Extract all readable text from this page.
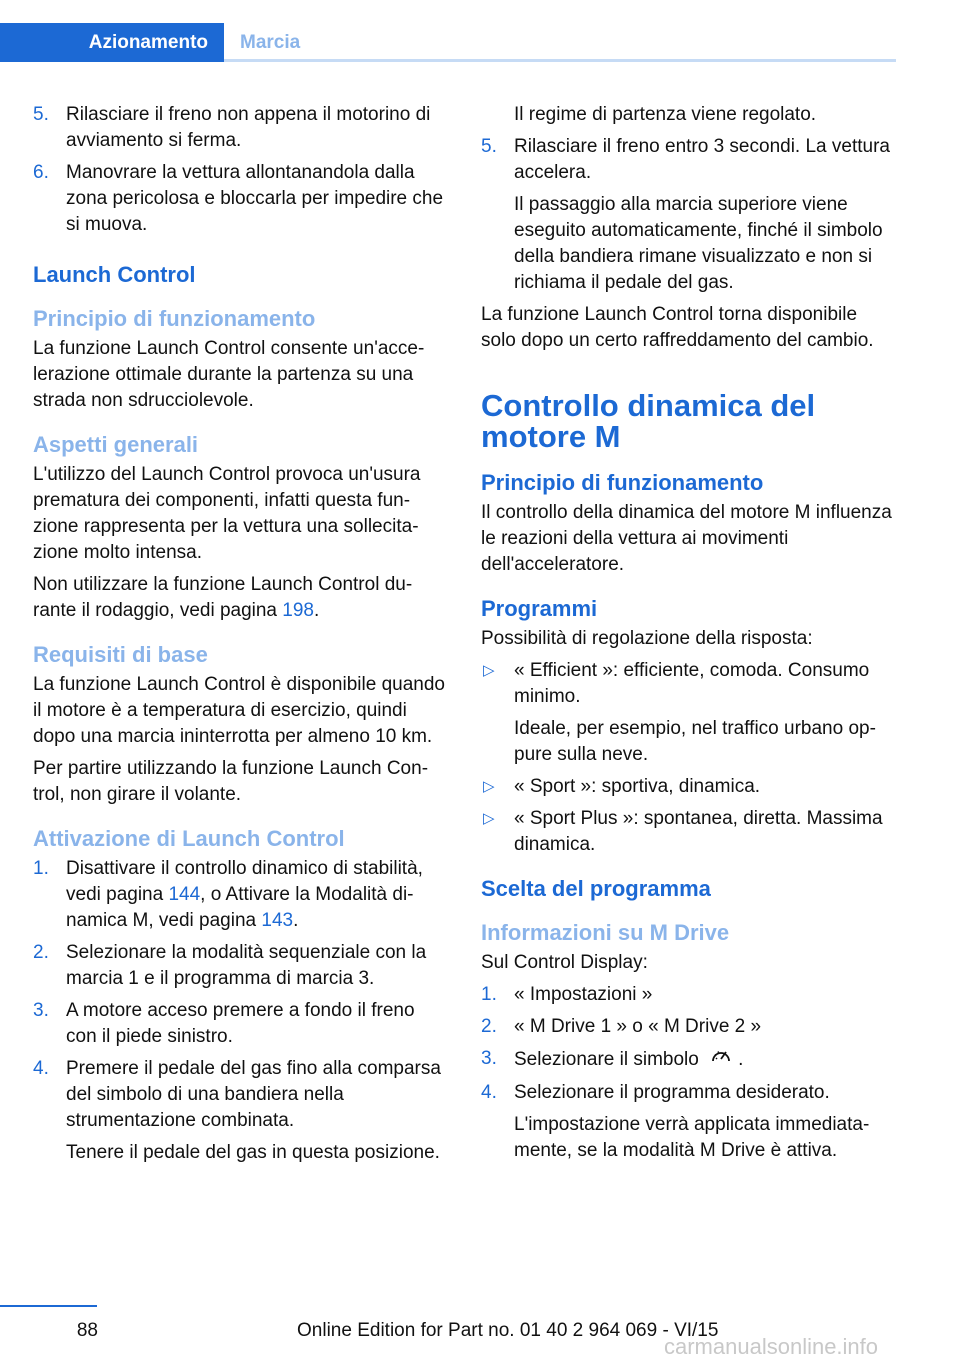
Azionamento	Marcia
5. Rilasciare il freno non appena il motorino di avviamento si ferma.
6. Manovrare la vettura allontanandola dalla zona pericolosa e bloccarla per impedire che si muova.
Launch Control
Principio di funzionamento

La funzione Launch Control consente un'accelerazione ottimale durante la partenza su una strada non sdrucciolevole.

Aspetti generali

L'utilizzo del Launch Control provoca un'usura prematura dei componenti, infatti questa funzione rappresenta per la vettura una sollecitazione molto intensa.

Non utilizzare la funzione Launch Control durante il rodaggio, vedi pagina 198.

Requisiti di base

La funzione Launch Control è disponibile quando il motore è a temperatura di esercizio, quindi dopo una marcia ininterrotta per almeno 10 km.

Per partire utilizzando la funzione Launch Control, non girare il volante.

Attivazione di Launch Control
1. Disattivare il controllo dinamico di stabilità, vedi pagina 144, o Attivare la Modalità dinamica M, vedi pagina 143.
2. Selezionare la modalità sequenziale con la marcia 1 e il programma di marcia 3.
3. A motore acceso premere a fondo il freno con il piede sinistro.
4. Premere il pedale del gas fino alla comparsa del simbolo di una bandiera nella strumentazione combinata.
Tenere il pedale del gas in questa posizione.
Il regime di partenza viene regolato.
5. Rilasciare il freno entro 3 secondi. La vettura accelera.
Il passaggio alla marcia superiore viene eseguito automaticamente, finché il simbolo della bandiera rimane visualizzato e non si richiama il pedale del gas.

La funzione Launch Control torna disponibile solo dopo un certo raffreddamento del cambio.

Controllo dinamica del motore M
Principio di funzionamento

Il controllo della dinamica del motore M influenza le reazioni della vettura ai movimenti dell'acceleratore.

Programmi

Possibilità di regolazione della risposta:

▷ « Efficient »: efficiente, comoda. Consumo minimo.
Ideale, per esempio, nel traffico urbano oppure sulla neve.
▷ « Sport »: sportiva, dinamica.
▷ « Sport Plus »: spontanea, diretta. Massima dinamica.
Scelta del programma
Informazioni su M Drive

Sul Control Display:

1. « Impostazioni »
2. « M Drive 1 » o « M Drive 2 »
3. Selezionare il simbolo .
4. Selezionare il programma desiderato.
L'impostazione verrà applicata immediatamente, se la modalità M Drive è attiva.
88	Online Edition for Part no. 01 40 2 964 069 - VI/15
carmanualsonline.info
